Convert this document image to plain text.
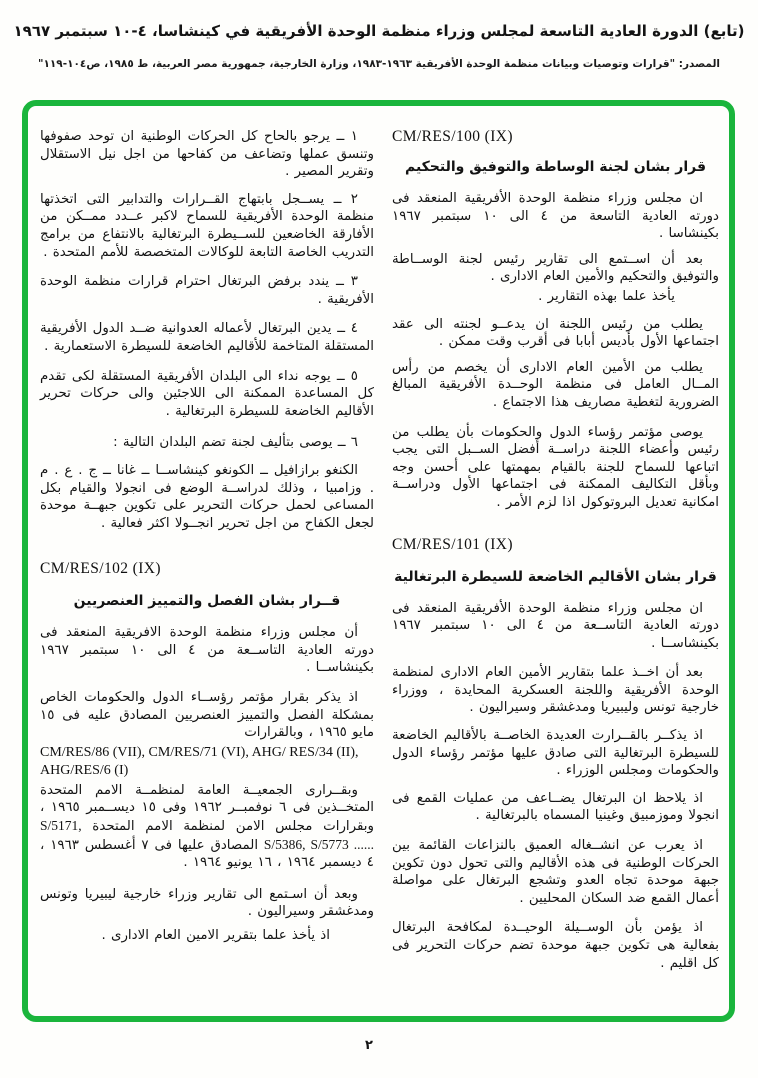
(تابع) الدورة العادية التاسعة لمجلس وزراء منظمة الوحدة الأفريقية في كينشاسا، ٤-١٠ سبتمبر ١٩٦٧
المصدر: "قرارات وتوصيات وبيانات منظمة الوحدة الأفريقية ١٩٦٣-١٩٨٣، وزارة الخارجية، جمهورية مصر العربية، ط ١٩٨٥، ص١٠٤-١١٩"

CM/RES/100 (IX)

قرار بشان لجنة الوساطة والتوفيق والتحكيم

ان مجلس وزراء منظمة الوحدة الأفريقية المنعقد فى دورته العادية التاسعة من ٤ الى ١٠ سبتمبر ١٩٦٧ بكينشاسا .

بعد أن اســتمع الى تقارير رئيس لجنة الوســاطة والتوفيق والتحكيم والأمين العام الادارى .

يأخذ علما بهذه التقارير .

يطلب من رئيس اللجنة ان يدعــو لجنته الى عقد اجتماعها الأول بأديس أبابا فى أقرب وقت ممكن .

يطلب من الأمين العام الادارى أن يخصم من رأس المــال العامل فى منظمة الوحــدة الأفريقية المبالغ الضرورية لتغطية مصاريف هذا الاجتماع .

يوصى مؤتمر رؤساء الدول والحكومات بأن يطلب من رئيس وأعضاء اللجنة دراســة أفضل الســبل التى يجب اتباعها للسماح للجنة بالقيام بمهمتها على أحسن وجه وبأقل التكاليف الممكنة فى اجتماعها الأول ودراســة امكانية تعديل البروتوكول اذا لزم الأمر .

CM/RES/101 (IX)

قرار بشان الأقاليم الخاضعة للسيطرة البرتغالية

ان مجلس وزراء منظمة الوحدة الأفريقية المنعقد فى دورته العادية التاســعة من ٤ الى ١٠ سبتمبر ١٩٦٧ بكينشاســا .

بعد أن اخــذ علما بتقارير الأمين العام الادارى لمنظمة الوحدة الأفريقية واللجنة العسكرية المحايدة ، ووزراء خارجية تونس وليبيريا ومدغشقر وسيراليون .

اذ يذكــر بالقــرارت العديدة الخاصــة بالأقاليم الخاضعة للسيطرة البرتغالية التى صادق عليها مؤتمر رؤساء الدول والحكومات ومجلس الوزراء .

اذ يلاحظ ان البرتغال يضــاعف من عمليات القمع فى انجولا وموزمبيق وغينيا المسماه بالبرتغالية .

اذ يعرب عن انشــغاله العميق بالنزاعات القائمة بين الحركات الوطنية فى هذه الأقاليم والتى تحول دون تكوين جبهة موحدة تجاه العدو وتشجع البرتغال على مواصلة أعمال القمع ضد السكان المحليين .

اذ يؤمن بأن الوســيلة الوحيــدة لمكافحة البرتغال بفعالية هى تكوين جبهة موحدة تضم حركات التحرير فى كل اقليم .

١ ــ يرجو بالحاح كل الحركات الوطنية ان توحد صفوفها وتنسق عملها وتضاعف من كفاحها من اجل نيل الاستقلال وتقرير المصير .

٢ ــ يســجل بابتهاج القــرارات والتدابير التى اتخذتها منظمة الوحدة الأفريقية للسماح لاكبر عــدد ممــكن من الأفارقة الخاضعين للســيطرة البرتغالية بالانتفاع من برامج التدريب الخاصة التابعة للوكالات المتخصصة للأمم المتحدة .

٣ ــ يندد برفض البرتغال احترام قرارات منظمة الوحدة الأفريقية .

٤ ــ يدين البرتغال لأعماله العدوانية ضــد الدول الأفريقية المستقلة المتاخمة للأقاليم الخاضعة للسيطرة الاستعمارية .

٥ ــ يوجه نداء الى البلدان الأفريقية المستقلة لكى تقدم كل المساعدة الممكنة الى اللاجئين والى حركات تحرير الأقاليم الخاضعة للسيطرة البرتغالية .

٦ ــ يوصى بتأليف لجنة تضم البلدان التالية :

الكنغو برازافيل ــ الكونغو كينشاســا ــ غانا ــ ج . ع . م . وزامبيا ، وذلك لدراســة الوضع فى انجولا والقيام بكل المساعى لحمل حركات التحرير على تكوين جبهــة موحدة لجعل الكفاح من اجل تحرير انجــولا اكثر فعالية .

CM/RES/102 (IX)

قــرار بشان الفصل والتمييز العنصريين

أن مجلس وزراء منظمة الوحدة الافريقية المنعقد فى دورته العادية التاســعة من ٤ الى ١٠ سبتمبر ١٩٦٧ بكينشاســا .

اذ يذكر بقرار مؤتمر رؤســاء الدول والحكومات الخاص بمشكلة الفصل والتمييز العنصريين المصادق عليه فى ١٥ مايو ١٩٦٥ ، وبالقرارات

CM/RES/86 (VII), CM/RES/71 (VI), AHG/ RES/34 (II), AHG/RES/6 (I)

وبقــرارى الجمعيــة العامة لمنظمــة الامم المتحدة المتخــذين فى ٦ نوفمبــر ١٩٦٢ وفى ١٥ ديســمبر ١٩٦٥ ، وبقرارات مجلس الامن لمنظمة الامم المتحدة S/5171, S/5386, S/5773 ...... المصادق عليها فى ٧ أغسطس ١٩٦٣ ، ٤ ديسمبر ١٩٦٤ ، ١٦ يونيو ١٩٦٤ .

وبعد أن اسـتمع الى تقارير وزراء خارجية ليبيريا وتونس ومدغشقر وسيراليون .

اذ يأخذ علما بتقرير الامين العام الادارى .

٢
